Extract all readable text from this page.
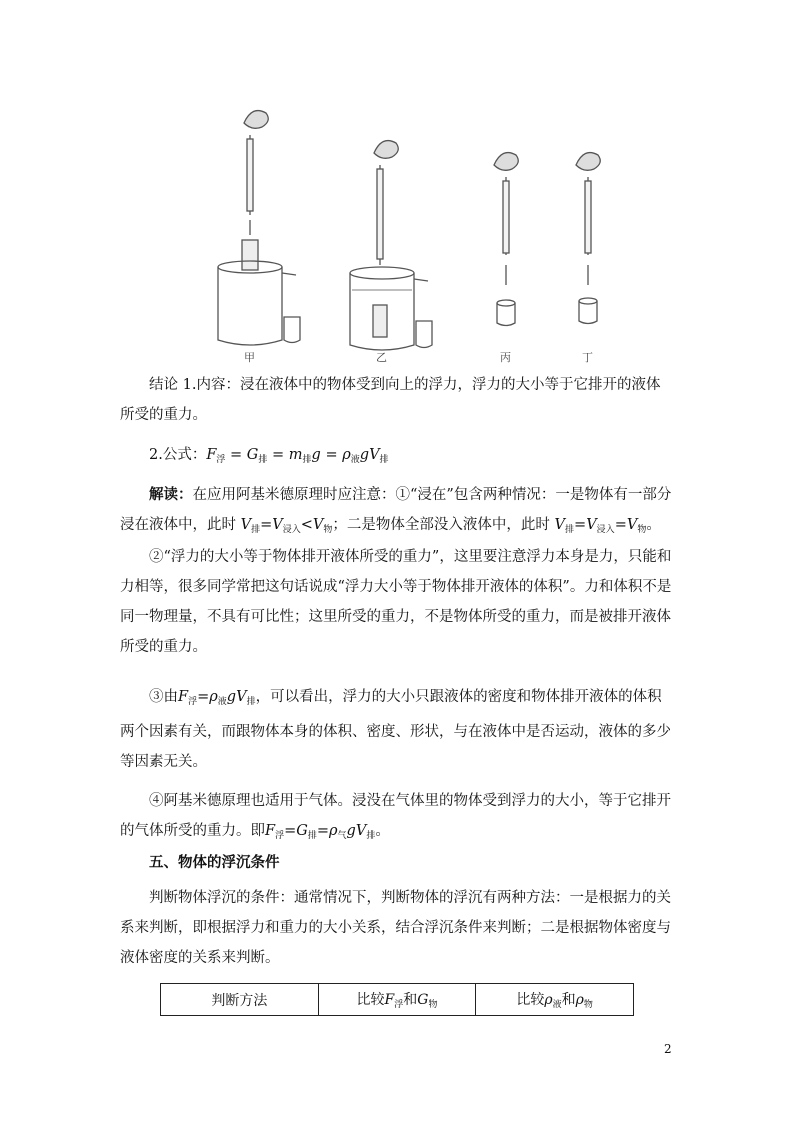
甲	乙	丙	丁

结论 1.内容：浸在液体中的物体受到向上的浮力，浮力的大小等于它排开的液体所受的重力。

2.公式：$F_浮 = G_排 = m_排g = \rho_液gV_排$

解读：在应用阿基米德原理时应注意：①“浸在”包含两种情况：一是物体有一部分浸在液体中，此时 $V_排=V_{浸入}<V_物$；二是物体全部没入液体中，此时 $V_排=V_{浸入}=V_物$。

②“浮力的大小等于物体排开液体所受的重力”，这里要注意浮力本身是力，只能和力相等，很多同学常把这句话说成“浮力大小等于物体排开液体的体积”。力和体积不是同一物理量，不具有可比性；这里所受的重力，不是物体所受的重力，而是被排开液体所受的重力。

③由$F_浮=\rho_液gV_排$，可以看出，浮力的大小只跟液体的密度和物体排开液体的体积两个因素有关，而跟物体本身的体积、密度、形状，与在液体中是否运动，液体的多少等因素无关。

④阿基米德原理也适用于气体。浸没在气体里的物体受到浮力的大小，等于它排开的气体所受的重力。即$F_浮=G_排=\rho_气gV_排$。

五、物体的浮沉条件

判断物体浮沉的条件：通常情况下，判断物体的浮沉有两种方法：一是根据力的关系来判断，即根据浮力和重力的大小关系，结合浮沉条件来判断；二是根据物体密度与液体密度的关系来判断。

判断方法	比较$F_浮$和$G_物$	比较$\rho_液$和$\rho_物$
2
